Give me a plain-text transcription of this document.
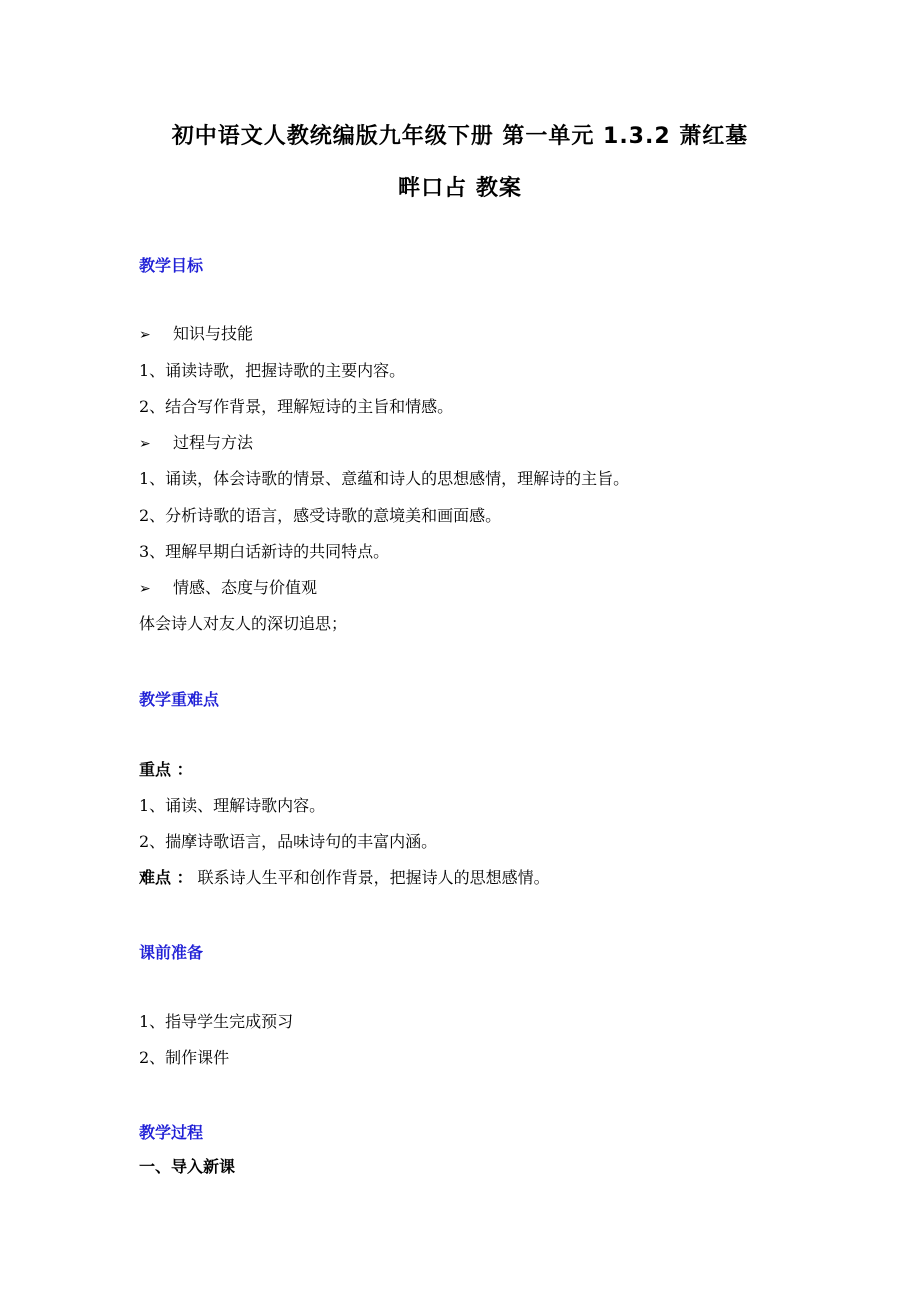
初中语文人教统编版九年级下册 第一单元 1.3.2 萧红墓
畔口占 教案
教学目标
➢ 知识与技能
1、诵读诗歌，把握诗歌的主要内容。
2、结合写作背景，理解短诗的主旨和情感。
➢ 过程与方法
1、诵读，体会诗歌的情景、意蕴和诗人的思想感情，理解诗的主旨。
2、分析诗歌的语言，感受诗歌的意境美和画面感。
3、理解早期白话新诗的共同特点。
➢ 情感、态度与价值观
体会诗人对友人的深切追思；
教学重难点
重点 ：
1、诵读、理解诗歌内容。
2、揣摩诗歌语言，品味诗句的丰富内涵。
难点 ： 联系诗人生平和创作背景，把握诗人的思想感情。
课前准备
1、指导学生完成预习
2、制作课件
教学过程
一、导入新课
